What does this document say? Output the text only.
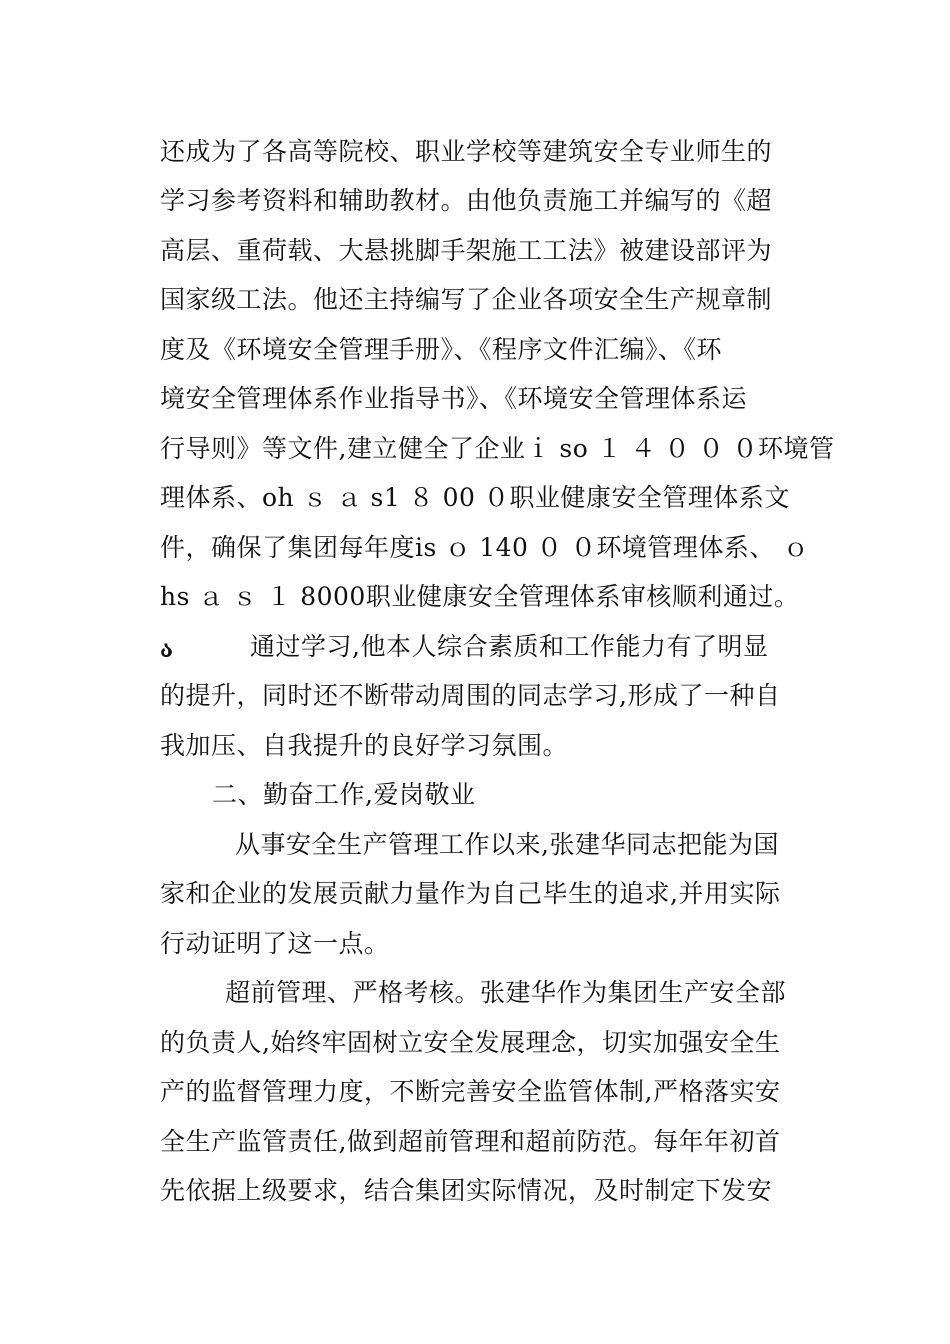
还成为了各高等院校、职业学校等建筑安全专业师生的
学习参考资料和辅助教材。由他负责施工并编写的《超
高层、重荷载、大悬挑脚手架施工工法》被建设部评为
国家级工法。他还主持编写了企业各项安全生产规章制
度及《环境安全管理手册》、《程序文件汇编》、《环
境安全管理体系作业指导书》、《环境安全管理体系运
行导则》等文件,建立健全了企业ｉ so １ ４ ０ ０ ０环境管
理体系、oh ｓ ａ s1 ８ 00 ０职业健康安全管理体系文
件，确保了集团每年度is ｏ 140 ０ ０环境管理体系、 ｏ
hs ａ ｓ １ 8000职业健康安全管理体系审核顺利通过。
ა	通过学习,他本人综合素质和工作能力有了明显
的提升，同时还不断带动周围的同志学习,形成了一种自
我加压、自我提升的良好学习氛围。
二、勤奋工作,爱岗敬业
从事安全生产管理工作以来,张建华同志把能为国
家和企业的发展贡献力量作为自己毕生的追求,并用实际
行动证明了这一点。
超前管理、严格考核。张建华作为集团生产安全部
的负责人,始终牢固树立安全发展理念，切实加强安全生
产的监督管理力度，不断完善安全监管体制,严格落实安
全生产监管责任,做到超前管理和超前防范。每年年初首
先依据上级要求，结合集团实际情况，及时制定下发安
